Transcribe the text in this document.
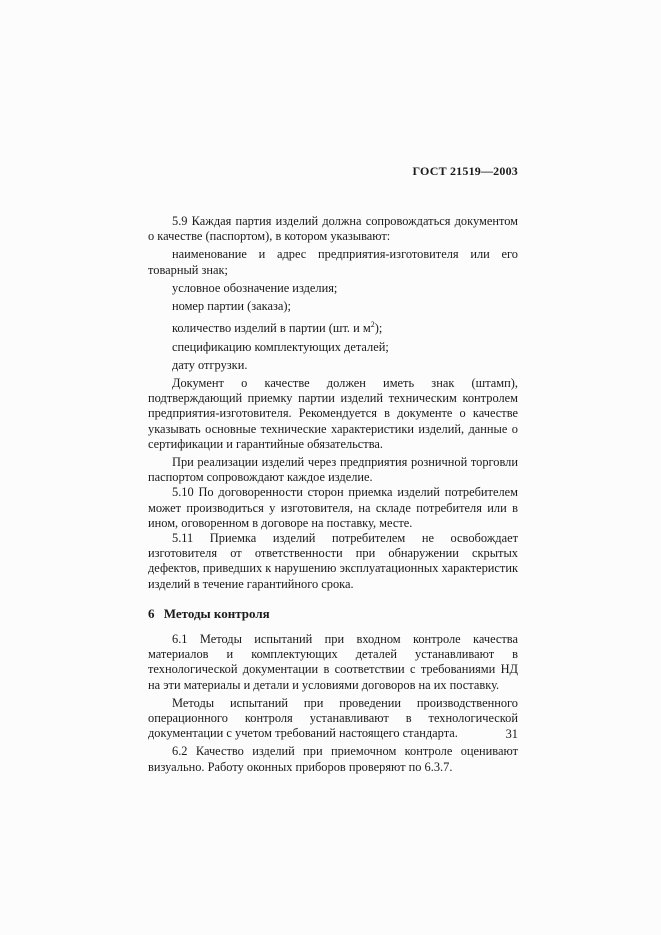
ГОСТ 21519—2003

5.9 Каждая партия изделий должна сопровождаться документом о качестве (паспортом), в котором указывают:

наименование и адрес предприятия-изготовителя или его товарный знак;

условное обозначение изделия;

номер партии (заказа);

количество изделий в партии (шт. и $м^2$);

спецификацию комплектующих деталей;

дату отгрузки.

Документ о качестве должен иметь знак (штамп), подтверждающий приемку партии изделий техническим контролем предприятия-изготовителя. Рекомендуется в документе о качестве указывать основные технические характеристики изделий, данные о сертификации и гарантийные обязательства.

При реализации изделий через предприятия розничной торговли паспортом сопровождают каждое изделие.

5.10 По договоренности сторон приемка изделий потребителем может производиться у изготовителя, на складе потребителя или в ином, оговоренном в договоре на поставку, месте.

5.11 Приемка изделий потребителем не освобождает изготовителя от ответственности при обнаружении скрытых дефектов, приведших к нарушению эксплуатационных характеристик изделий в течение гарантийного срока.

6 Методы контроля

6.1 Методы испытаний при входном контроле качества материалов и комплектующих деталей устанавливают в технологической документации в соответствии с требованиями НД на эти материалы и детали и условиями договоров на их поставку.

Методы испытаний при проведении производственного операционного контроля устанавливают в технологической документации с учетом требований настоящего стандарта.

6.2 Качество изделий при приемочном контроле оценивают визуально. Работу оконных приборов проверяют по 6.3.7.

31
